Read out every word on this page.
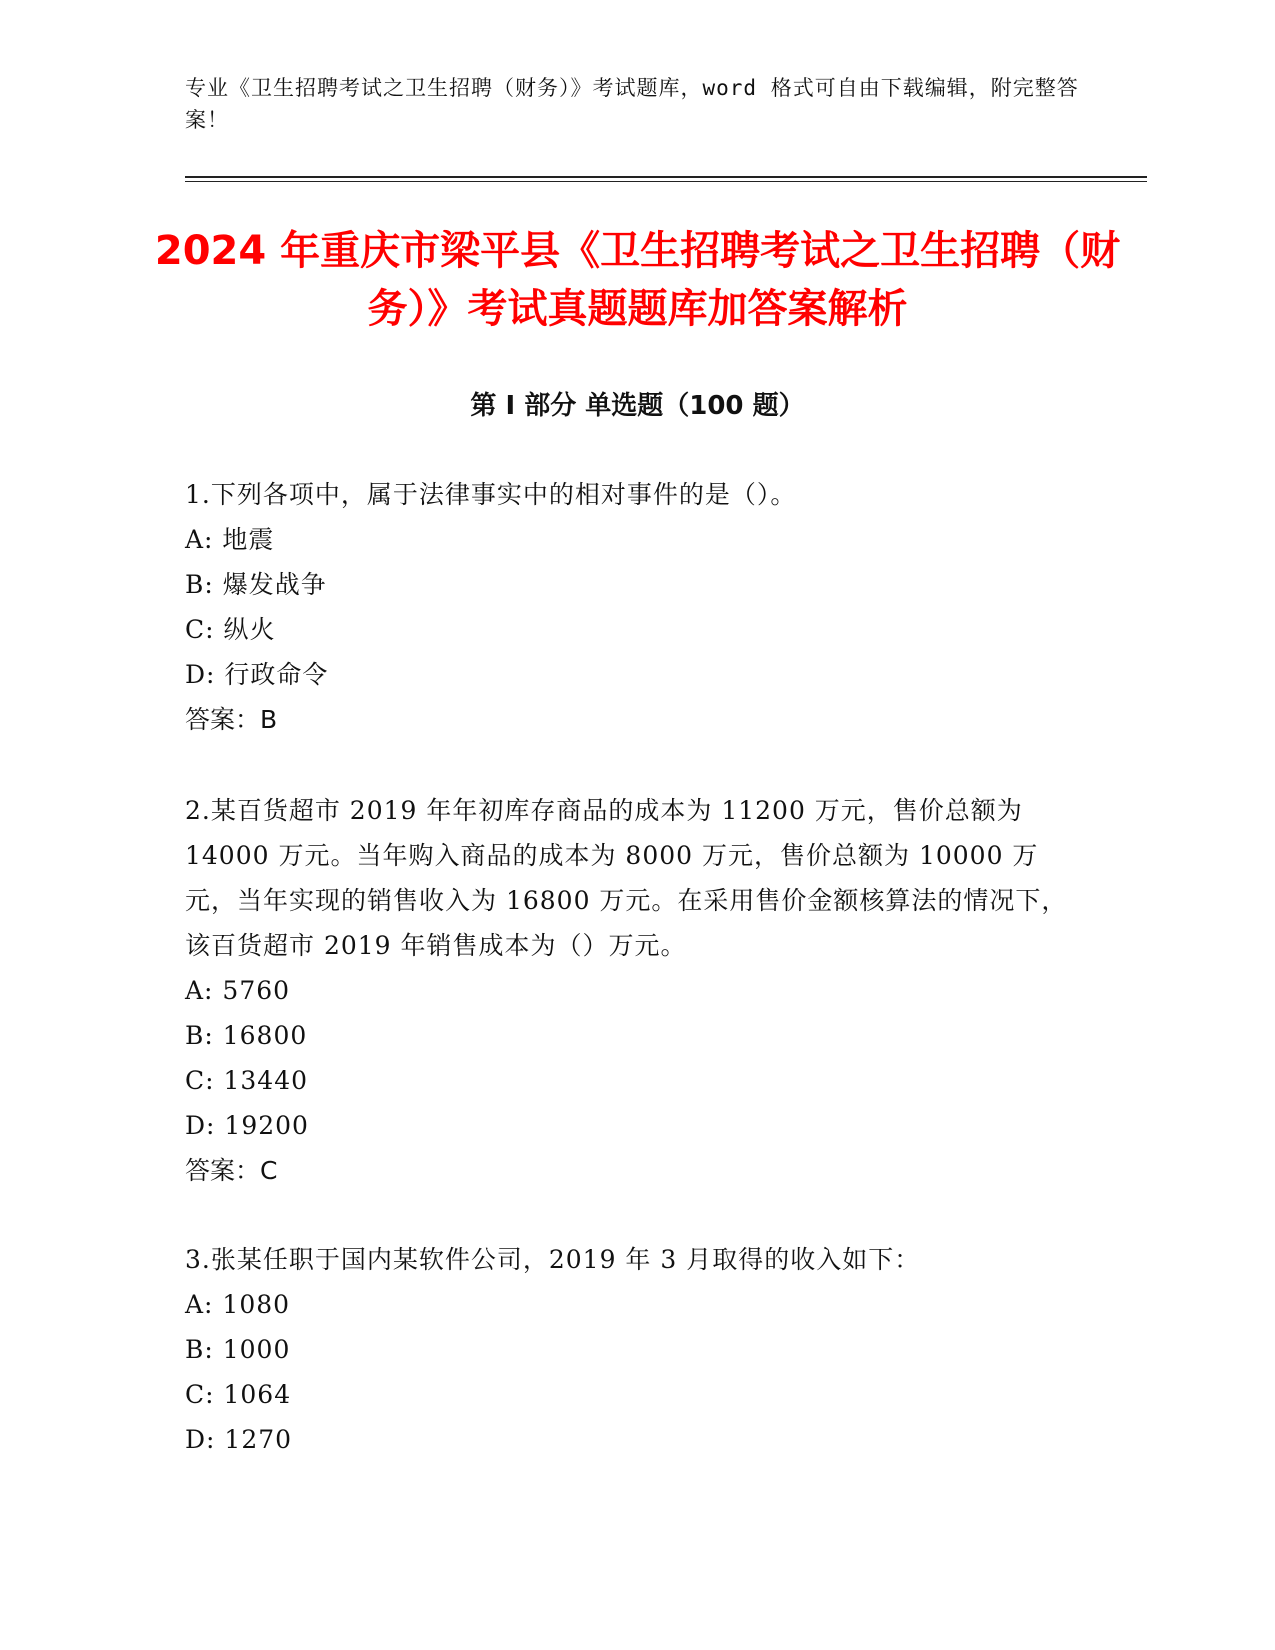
专业《卫生招聘考试之卫生招聘（财务）》考试题库，word 格式可自由下载编辑，附完整答案！
2024 年重庆市梁平县《卫生招聘考试之卫生招聘（财务）》考试真题题库加答案解析
第 I 部分 单选题（100 题）

1.下列各项中，属于法律事实中的相对事件的是（）。

A: 地震

B: 爆发战争

C: 纵火

D: 行政命令

答案：B

2.某百货超市 2019 年年初库存商品的成本为 11200 万元，售价总额为 14000 万元。当年购入商品的成本为 8000 万元，售价总额为 10000 万元，当年实现的销售收入为 16800 万元。在采用售价金额核算法的情况下，该百货超市 2019 年销售成本为（）万元。

A: 5760

B: 16800

C: 13440

D: 19200

答案：C

3.张某任职于国内某软件公司，2019 年 3 月取得的收入如下：

A: 1080

B: 1000

C: 1064

D: 1270
